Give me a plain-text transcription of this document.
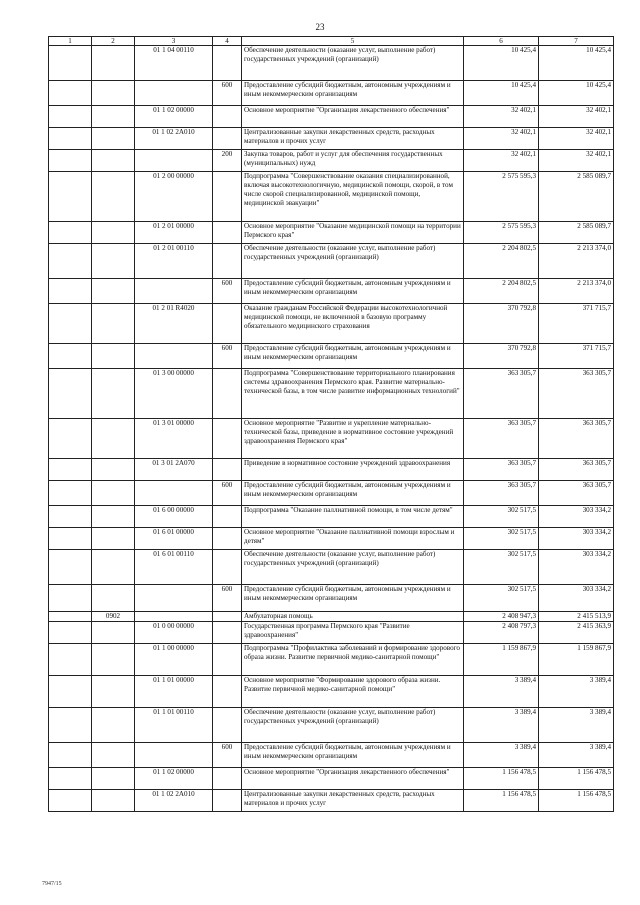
23
1	2	3	4	5	6	7
		01 1 04 00110		Обеспечение деятельности (оказание услуг, выполнение работ) государственных учреждений (организаций)	10 425,4	10 425,4
			600	Предоставление субсидий бюджетным, автономным учреждениям и иным некоммерческим организациям	10 425,4	10 425,4
		01 1 02 00000		Основное мероприятие "Организация лекарственного обеспечения"	32 402,1	32 402,1
		01 1 02 2А010		Централизованные закупки лекарственных средств, расходных материалов и прочих услуг	32 402,1	32 402,1
			200	Закупка товаров, работ и услуг для обеспечения государственных (муниципальных) нужд	32 402,1	32 402,1
		01 2 00 00000		Подпрограмма "Совершенствование оказания специализированной, включая высокотехнологичную, медицинской помощи, скорой, в том числе скорой специализированной, медицинской помощи, медицинской эвакуации"	2 575 595,3	2 585 089,7
		01 2 01 00000		Основное мероприятие "Оказание медицинской помощи на территории Пермского края"	2 575 595,3	2 585 089,7
		01 2 01 00110		Обеспечение деятельности (оказание услуг, выполнение работ) государственных учреждений (организаций)	2 204 802,5	2 213 374,0
			600	Предоставление субсидий бюджетным, автономным учреждениям и иным некоммерческим организациям	2 204 802,5	2 213 374,0
		01 2 01 R4020		Оказание гражданам Российской Федерации высокотехнологичной медицинской помощи, не включенной в базовую программу обязательного медицинского страхования	370 792,8	371 715,7
			600	Предоставление субсидий бюджетным, автономным учреждениям и иным некоммерческим организациям	370 792,8	371 715,7
		01 3 00 00000		Подпрограмма "Совершенствование территориального планирования системы здравоохранения Пермского края. Развитие материально-технической базы, в том числе развитие информационных технологий"	363 305,7	363 305,7
		01 3 01 00000		Основное мероприятие "Развитие и укрепление материально-технической базы, приведение в нормативное состояние учреждений здравоохранения Пермского края"	363 305,7	363 305,7
		01 3 01 2А070		Приведение в нормативное состояние учреждений здравоохранения	363 305,7	363 305,7
			600	Предоставление субсидий бюджетным, автономным учреждениям и иным некоммерческим организациям	363 305,7	363 305,7
		01 6 00 00000		Подпрограмма "Оказание паллиативной помощи, в том числе детям"	302 517,5	303 334,2
		01 6 01 00000		Основное мероприятие "Оказание паллиативной помощи взрослым и детям"	302 517,5	303 334,2
		01 6 01 00110		Обеспечение деятельности (оказание услуг, выполнение работ) государственных учреждений (организаций)	302 517,5	303 334,2
			600	Предоставление субсидий бюджетным, автономным учреждениям и иным некоммерческим организациям	302 517,5	303 334,2
	0902			Амбулаторная помощь	2 408 947,3	2 415 513,9
		01 0 00 00000		Государственная программа Пермского края "Развитие здравоохранения"	2 408 797,3	2 415 363,9
		01 1 00 00000		Подпрограмма "Профилактика заболеваний и формирование здорового образа жизни. Развитие первичной медико-санитарной помощи"	1 159 867,9	1 159 867,9
		01 1 01 00000		Основное мероприятие "Формирование здорового образа жизни. Развитие первичной медико-санитарной помощи"	3 389,4	3 389,4
		01 1 01 00110		Обеспечение деятельности (оказание услуг, выполнение работ) государственных учреждений (организаций)	3 389,4	3 389,4
			600	Предоставление субсидий бюджетным, автономным учреждениям и иным некоммерческим организациям	3 389,4	3 389,4
		01 1 02 00000		Основное мероприятие "Организация лекарственного обеспечения"	1 156 478,5	1 156 478,5
		01 1 02 2А010		Централизованные закупки лекарственных средств, расходных материалов и прочих услуг	1 156 478,5	1 156 478,5
7947/15
